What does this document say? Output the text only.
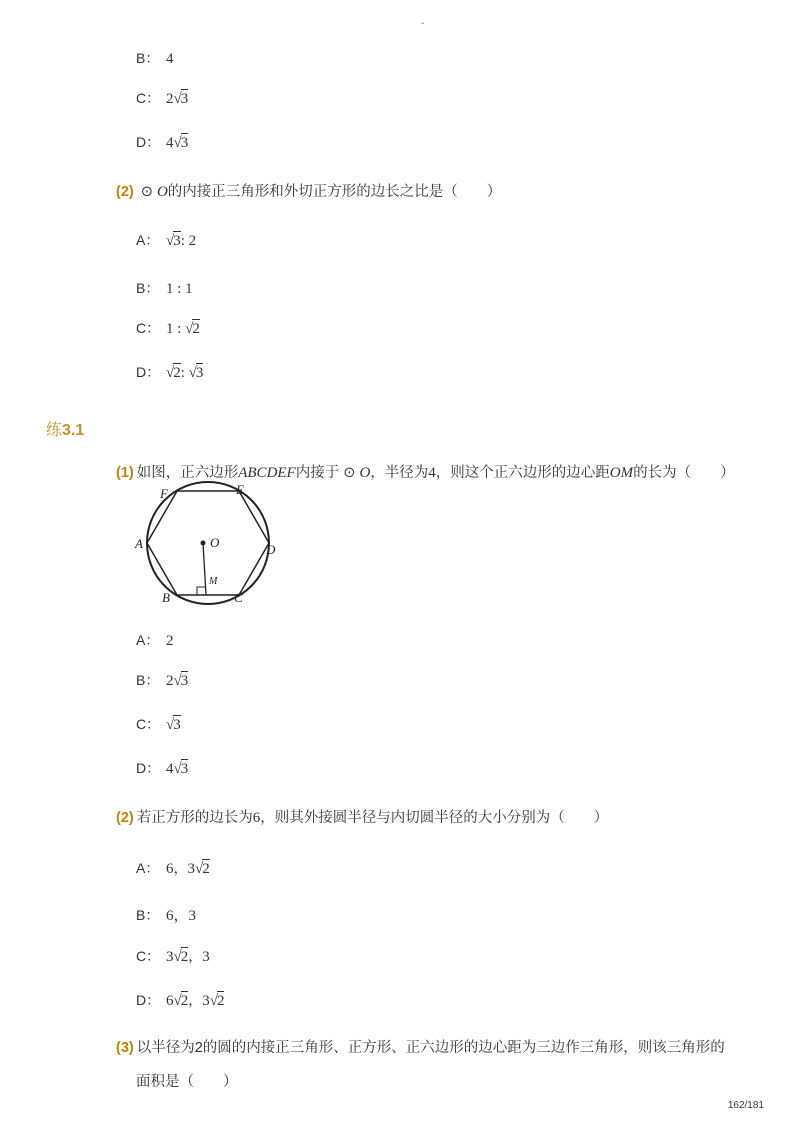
-
B： 4
C： 2 √ 3
D： 4 √ 3
(2) ⊙ O的内接正三角形和外切正方形的边长之比是（　　）
A： √ 3 : 2
B： 1 : 1
C： 1 : √ 2
D： √ 2 : √ 3
练3.1
(1) 如图，正六边形ABCDEF内接于 ⊙ O，半径为4，则这个正六边形的边心距OM的长为（　　）
A
B	C
D
E
F
O
M
A： 2
B： 2 √ 3
C： √ 3
D： 4 √ 3
(2) 若正方形的边长为6，则其外接圆半径与内切圆半径的大小分别为（　　）
A： 6，3 √ 2
B： 6，3
C： 3 √ 2 ，3
D： 6 √ 2 ，3 √ 2
(3) 以半径为2的圆的内接正三角形、正方形、正六边形的边心距为三边作三角形，则该三角形的
面积是（　　）
162/181
